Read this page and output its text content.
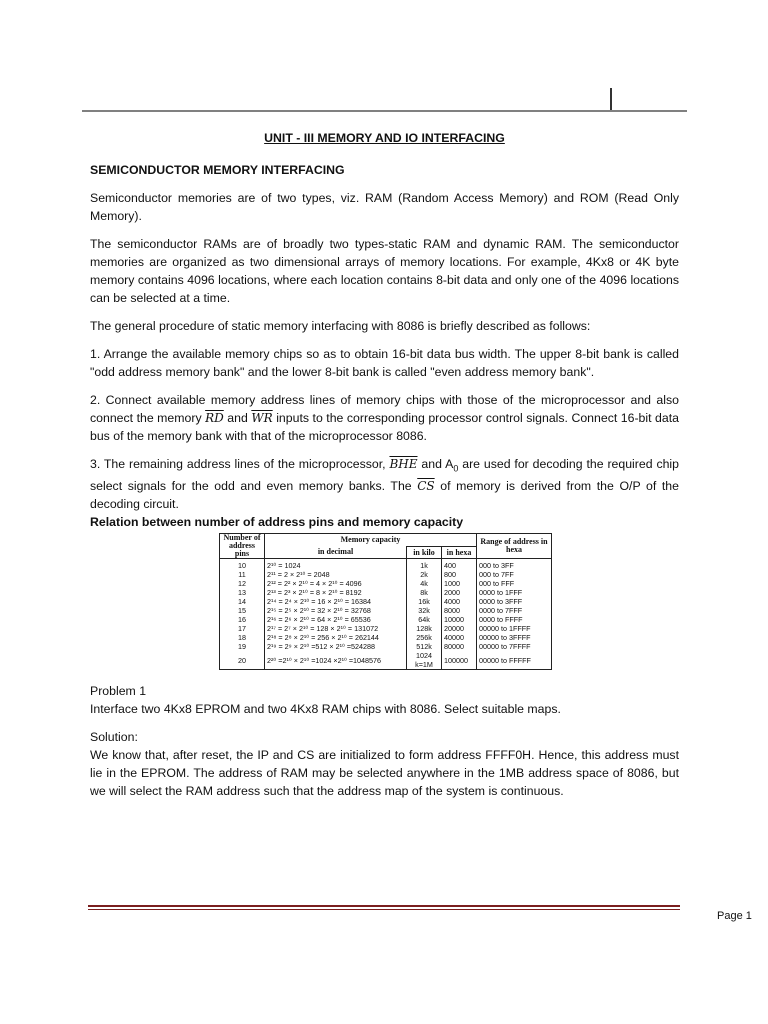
UNIT - III MEMORY AND IO INTERFACING
SEMICONDUCTOR MEMORY INTERFACING

Semiconductor memories are of two types, viz. RAM (Random Access Memory) and ROM (Read Only Memory).

The semiconductor RAMs are of broadly two types-static RAM and dynamic RAM. The semiconductor memories are organized as two dimensional arrays of memory locations. For example, 4Kx8 or 4K byte memory contains 4096 locations, where each location contains 8-bit data and only one of the 4096 locations can be selected at a time.

The general procedure of static memory interfacing with 8086 is briefly described as follows:

1. Arrange the available memory chips so as to obtain 16-bit data bus width. The upper 8-bit bank is called "odd address memory bank" and the lower 8-bit bank is called "even address memory bank".

2. Connect available memory address lines of memory chips with those of the microprocessor and also connect the memory $\overline{RD}$ and $\overline{WR}$ inputs to the corresponding processor control signals. Connect 16-bit data bus of the memory bank with that of the microprocessor 8086.

3. The remaining address lines of the microprocessor, $\overline{BHE}$ and $A_0$ are used for decoding the required chip select signals for the odd and even memory banks. The $\overline{CS}$ of memory is derived from the O/P of the decoding circuit.

Relation between number of address pins and memory capacity
Number of address pins	Memory capacity			Range of address in hexa
	in decimal	in kilo	in hexa	
10	2¹⁰ = 1024	1k	400	000 to 3FF
11	2¹¹ = 2 × 2¹⁰ = 2048	2k	800	000 to 7FF
12	2¹² = 2² × 2¹⁰ = 4 × 2¹⁰ = 4096	4k	1000	000 to FFF
13	2¹³ = 2³ × 2¹⁰ = 8 × 2¹⁰ = 8192	8k	2000	0000 to 1FFF
14	2¹⁴ = 2⁴ × 2¹⁰ = 16 × 2¹⁰ = 16384	16k	4000	0000 to 3FFF
15	2¹⁵ = 2⁵ × 2¹⁰ = 32 × 2¹⁰ = 32768	32k	8000	0000 to 7FFF
16	2¹⁶ = 2⁶ × 2¹⁰ = 64 × 2¹⁰ = 65536	64k	10000	0000 to FFFF
17	2¹⁷ = 2⁷ × 2¹⁰ = 128 × 2¹⁰ = 131072	128k	20000	00000 to 1FFFF
18	2¹⁸ = 2⁸ × 2¹⁰ = 256 × 2¹⁰ = 262144	256k	40000	00000 to 3FFFF
19	2¹⁹ = 2⁹ × 2¹⁰ =512 × 2¹⁰ =524288	512k	80000	00000 to 7FFFF
20	2²⁰ =2¹⁰ × 2¹⁰ =1024 ×2¹⁰ =1048576	1024 k=1M	100000	00000 to FFFFF

Problem 1

Interface two 4Kx8 EPROM and two 4Kx8 RAM chips with 8086. Select suitable maps.

Solution:

We know that, after reset, the IP and CS are initialized to form address FFFF0H. Hence, this address must lie in the EPROM. The address of RAM may be selected anywhere in the 1MB address space of 8086, but we will select the RAM address such that the address map of the system is continuous.

Page 1
